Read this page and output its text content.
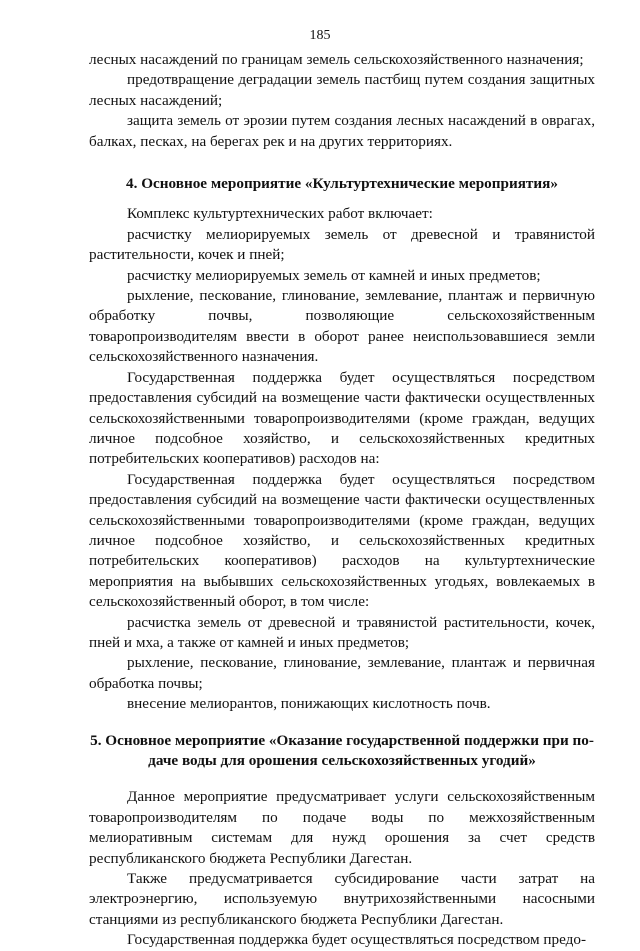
185

лесных насаждений по границам земель сельскохозяйственного назначения;

предотвращение деградации земель пастбищ путем создания защитных лесных насаждений;

защита земель от эрозии путем создания лесных насаждений в оврагах, балках, песках, на берегах рек и на других территориях.

4. Основное мероприятие «Культуртехнические мероприятия»

Комплекс культуртехнических работ включает:

расчистку мелиорируемых земель от древесной и травянистой растительности, кочек и пней;

расчистку мелиорируемых земель от камней и иных предметов;

рыхление, пескование, глинование, землевание, плантаж и первичную обработку почвы, позволяющие сельскохозяйственным товаропроизводителям ввести в оборот ранее неиспользовавшиеся земли сельскохозяйственного назначения.

Государственная поддержка будет осуществляться посредством предоставления субсидий на возмещение части фактически осуществленных сельскохозяйственными товаропроизводителями (кроме граждан, ведущих личное подсобное хозяйство, и сельскохозяйственных кредитных потребительских кооперативов) расходов на:

Государственная поддержка будет осуществляться посредством предоставления субсидий на возмещение части фактически осуществленных сельскохозяйственными товаропроизводителями (кроме граждан, ведущих личное подсобное хозяйство, и сельскохозяйственных кредитных потребительских кооперативов) расходов на культуртехнические мероприятия на выбывших сельскохозяйственных угодьях, вовлекаемых в сельскохозяйственный оборот, в том числе:

расчистка земель от древесной и травянистой растительности, кочек, пней и мха, а также от камней и иных предметов;

рыхление, пескование, глинование, землевание, плантаж и первичная обработка почвы;

внесение мелиорантов, понижающих кислотность почв.

5. Основное мероприятие «Оказание государственной поддержки при по-
даче воды для орошения сельскохозяйственных угодий»

Данное мероприятие предусматривает услуги сельскохозяйственным товаропроизводителям по подаче воды по межхозяйственным мелиоративным системам для нужд орошения за счет средств республиканского бюджета Республики Дагестан.

Также предусматривается субсидирование части затрат на электроэнергию, используемую внутрихозяйственными насосными станциями из республиканского бюджета Республики Дагестан.

Государственная поддержка будет осуществляться посредством предо-
